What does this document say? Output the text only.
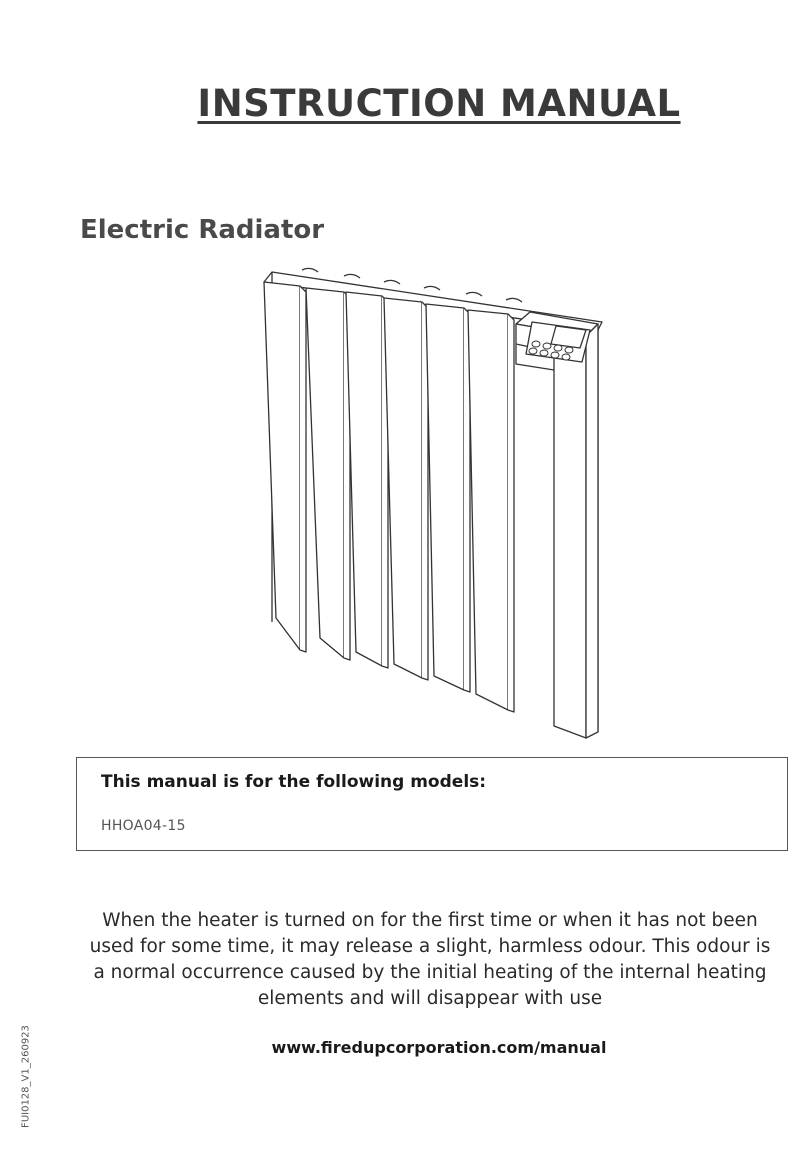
INSTRUCTION MANUAL
Electric Radiator
This manual is for the following models:
HHOA04-15
When the heater is turned on for the first time or when it has not been
used for some time, it may release a slight, harmless odour. This odour is
a normal occurrence caused by the initial heating of the internal heating
elements and will disappear with use
www.firedupcorporation.com/manual
FUI0128_V1_260923
